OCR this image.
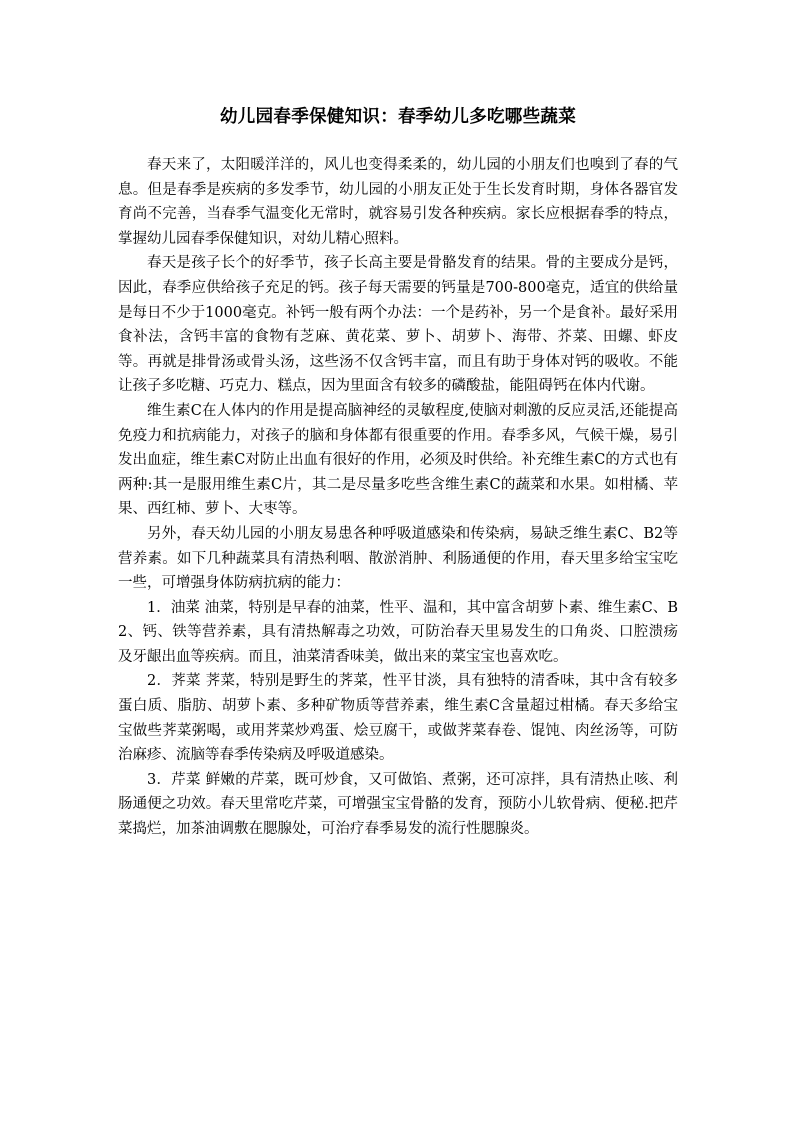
幼儿园春季保健知识：春季幼儿多吃哪些蔬菜

春天来了，太阳暖洋洋的，风儿也变得柔柔的，幼儿园的小朋友们也嗅到了春的气息。但是春季是疾病的多发季节，幼儿园的小朋友正处于生长发育时期，身体各器官发育尚不完善，当春季气温变化无常时，就容易引发各种疾病。家长应根据春季的特点，掌握幼儿园春季保健知识，对幼儿精心照料。

春天是孩子长个的好季节，孩子长高主要是骨骼发育的结果。骨的主要成分是钙，因此，春季应供给孩子充足的钙。孩子每天需要的钙量是700-800毫克，适宜的供给量是每日不少于1000毫克。补钙一般有两个办法：一个是药补，另一个是食补。最好采用食补法，含钙丰富的食物有芝麻、黄花菜、萝卜、胡萝卜、海带、芥菜、田螺、虾皮等。再就是排骨汤或骨头汤，这些汤不仅含钙丰富，而且有助于身体对钙的吸收。不能让孩子多吃糖、巧克力、糕点，因为里面含有较多的磷酸盐，能阻碍钙在体内代谢。

维生素C在人体内的作用是提高脑神经的灵敏程度,使脑对刺激的反应灵活,还能提高免疫力和抗病能力，对孩子的脑和身体都有很重要的作用。春季多风，气候干燥，易引发出血症，维生素C对防止出血有很好的作用，必须及时供给。补充维生素C的方式也有两种:其一是服用维生素C片，其二是尽量多吃些含维生素C的蔬菜和水果。如柑橘、苹果、西红柿、萝卜、大枣等。

另外，春天幼儿园的小朋友易患各种呼吸道感染和传染病，易缺乏维生素C、B2等营养素。如下几种蔬菜具有清热利咽、散淤消肿、利肠通便的作用，春天里多给宝宝吃一些，可增强身体防病抗病的能力：

1．油菜 油菜，特别是早春的油菜，性平、温和，其中富含胡萝卜素、维生素C、B2、钙、铁等营养素，具有清热解毒之功效，可防治春天里易发生的口角炎、口腔溃疡及牙龈出血等疾病。而且，油菜清香味美，做出来的菜宝宝也喜欢吃。

2．荠菜 荠菜，特别是野生的荠菜，性平甘淡，具有独特的清香味，其中含有较多蛋白质、脂肪、胡萝卜素、多种矿物质等营养素，维生素C含量超过柑橘。春天多给宝宝做些荠菜粥喝，或用荠菜炒鸡蛋、烩豆腐干，或做荠菜春卷、馄饨、肉丝汤等，可防治麻疹、流脑等春季传染病及呼吸道感染。

3．芹菜 鲜嫩的芹菜，既可炒食，又可做馅、煮粥，还可凉拌，具有清热止咳、利肠通便之功效。春天里常吃芹菜，可增强宝宝骨骼的发育，预防小儿软骨病、便秘.把芹菜捣烂，加茶油调敷在腮腺处，可治疗春季易发的流行性腮腺炎。
